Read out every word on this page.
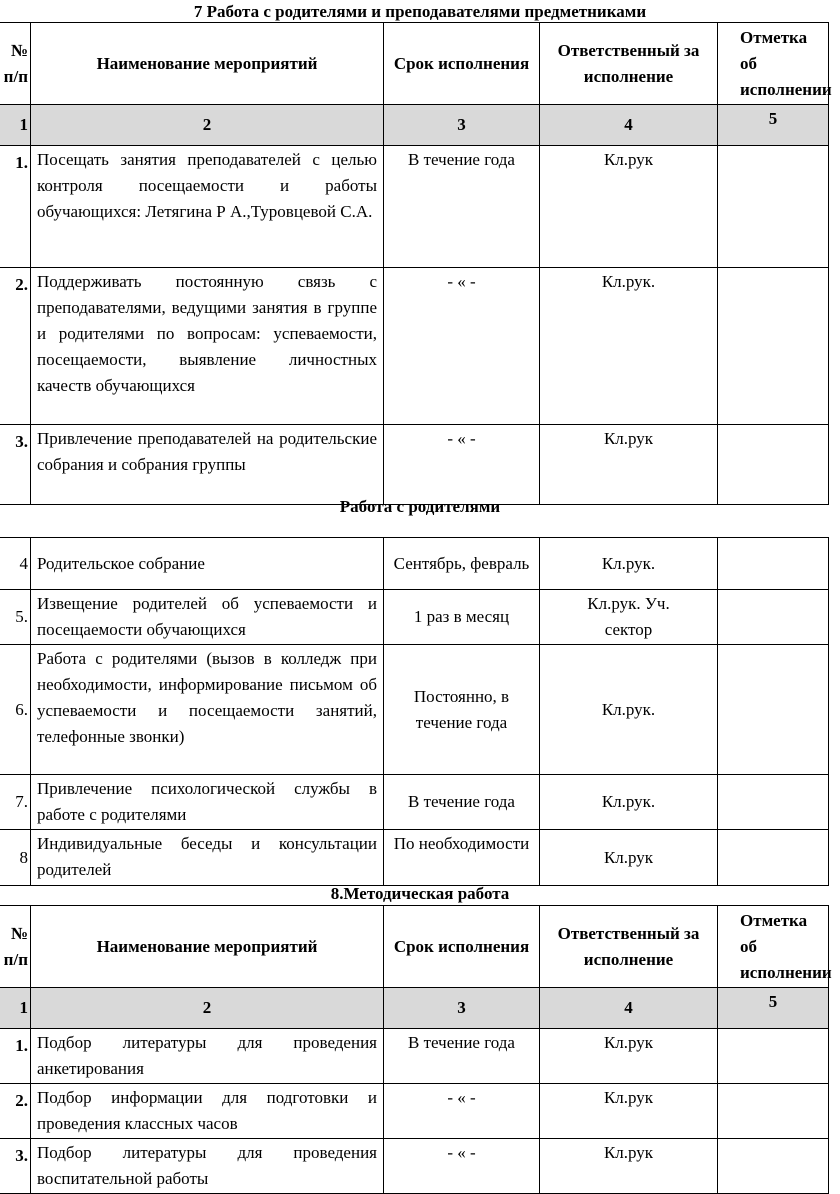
7 Работа с родителями и преподавателями предметниками
№ п/п	Наименование мероприятий	Срок исполнения	Ответственный за исполнение	Отметка об исполнении
1	2	3	4	5
1.	Посещать занятия преподавателей с целью контроля посещаемости и работы обучающихся: Летягина Р А.,Туровцевой С.А.	В течение года	Кл.рук	
2.	Поддерживать постоянную связь с преподавателями, ведущими занятия в группе и родителями по вопросам: успеваемости, посещаемости, выявление личностных качеств обучающихся	- « -	Кл.рук.	
3.	Привлечение преподавателей на родительские собрания и собрания группы	- « -	Кл.рук	
Работа с родителями
4	Родительское собрание	Сентябрь, февраль	Кл.рук.	
5.	Извещение родителей об успеваемости и посещаемости обучающихся	1 раз в месяц	Кл.рук. Уч. сектор	
6.	Работа с родителями (вызов в колледж при необходимости, информирование письмом об успеваемости и посещаемости занятий, телефонные звонки)	Постоянно, в течение года	Кл.рук.	
7.	Привлечение психологической службы в работе с родителями	В течение года	Кл.рук.	
8	Индивидуальные беседы и консультации родителей	По необходимости	Кл.рук	
8.Методическая работа
№ п/п	Наименование мероприятий	Срок исполнения	Ответственный за исполнение	Отметка об исполнении
1	2	3	4	5
1.	Подбор литературы для проведения анкетирования	В течение года	Кл.рук	
2.	Подбор информации для подготовки и проведения классных часов	- « -	Кл.рук	
3.	Подбор литературы для проведения воспитательной работы	- « -	Кл.рук	
